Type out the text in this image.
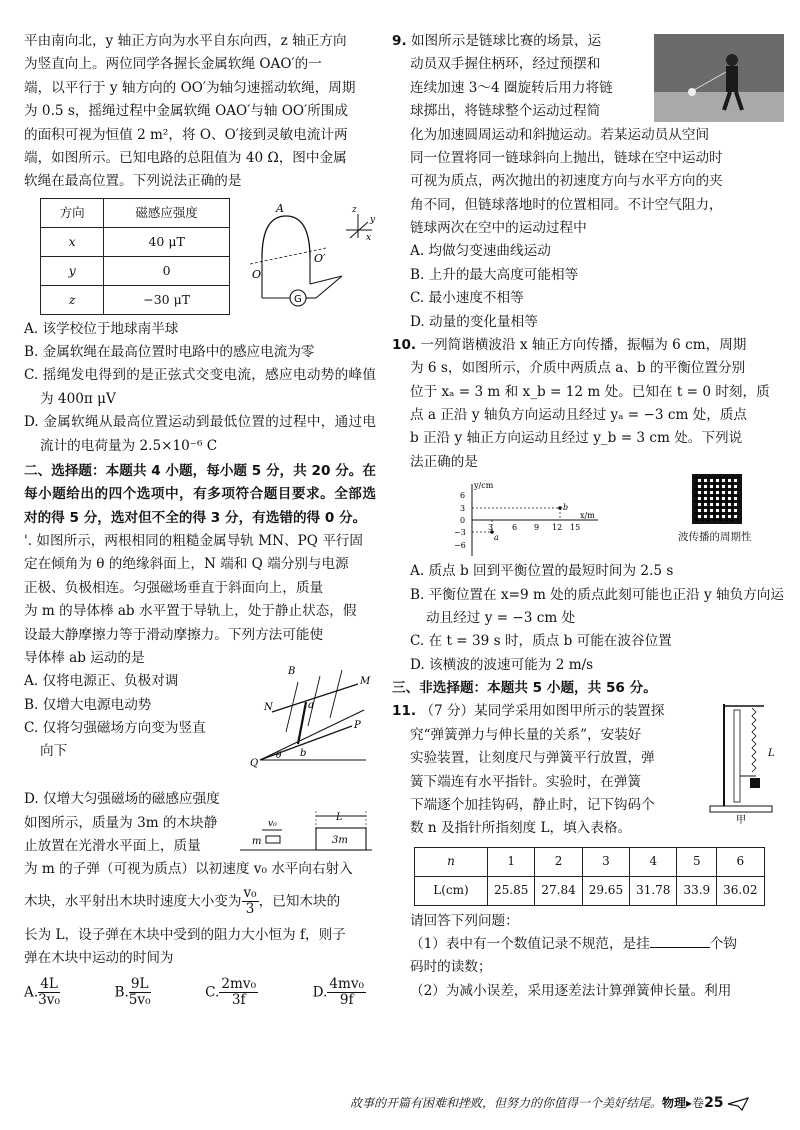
平由南向北，y 轴正方向为水平自东向西，z 轴正方向

为竖直向上。两位同学各握长金属软绳 OAO′的一

端，以平行于 y 轴方向的 OO′为轴匀速摇动软绳，周期

为 0.5 s，摇绳过程中金属软绳 OAO′与轴 OO′所围成

的面积可视为恒值 2 m²，将 O、O′接到灵敏电流计两

端，如图所示。已知电路的总阻值为 40 Ω，图中金属

软绳在最高位置。下列说法正确的是

方向	磁感应强度
x	40 μT
y	0
z	−30 μT	G
A
O
O′
z
y
x

A. 该学校位于地球南半球

B. 金属软绳在最高位置时电路中的感应电流为零

C. 摇绳发电得到的是正弦式交变电流，感应电动势的峰值为 400π μV

D. 金属软绳从最高位置运动到最低位置的过程中，通过电流计的电荷量为 2.5×10⁻⁶ C

二、选择题：本题共 4 小题，每小题 5 分，共 20 分。在每小题给出的四个选项中，有多项符合题目要求。全部选对的得 5 分，选对但不全的得 3 分，有选错的得 0 分。

'. 如图所示，两根相同的粗糙金属导轨 MN、PQ 平行固

定在倾角为 θ 的绝缘斜面上，N 端和 Q 端分别与电源

正极、负极相连。匀强磁场垂直于斜面向上，质量

为 m 的导体棒 ab 水平置于导轨上，处于静止状态，假

设最大静摩擦力等于滑动摩擦力。下列方法可能使

导体棒 ab 运动的是

A. 仅将电源正、负极对调

B. 仅增大电源电动势

C. 仅将匀强磁场方向变为竖直

向下

B
N
M
a
b
P
Q
θ

D. 仅增大匀强磁场的磁感应强度

L
3m
v₀
m

如图所示，质量为 3m 的木块静

止放置在光滑水平面上，质量

为 m 的子弹（可视为质点）以初速度 v₀ 水平向右射入

木块，水平射出木块时速度大小变为 $\frac{\text{v₀}}{3}$ ，已知木块的

长为 L，设子弹在木块中受到的阻力大小恒为 f，则子

弹在木块中运动的时间为

A. $\frac{4L}{\text{3v₀}}$	B. $\frac{9L}{\text{5v₀}}$	C. $\frac{\text{2mv₀}}{3f}$	D. $\frac{\text{4mv₀}}{9f}$

9. 如图所示是链球比赛的场景，运

动员双手握住柄环，经过预摆和

连续加速 3～4 圈旋转后用力将链

球掷出，将链球整个运动过程简

化为加速圆周运动和斜抛运动。若某运动员从空间

同一位置将同一链球斜向上抛出，链球在空中运动时

可视为质点，两次抛出的初速度方向与水平方向的夹

角不同，但链球落地时的位置相同。不计空气阻力，

链球两次在空中的运动过程中

A. 均做匀变速曲线运动

B. 上升的最大高度可能相等

C. 最小速度不相等

D. 动量的变化量相等

10. 一列简谐横波沿 x 轴正方向传播，振幅为 6 cm，周期

为 6 s，如图所示，介质中两质点 a、b 的平衡位置分别

位于 xₐ = 3 m 和 x_b = 12 m 处。已知在 t = 0 时刻，质

点 a 正沿 y 轴负方向运动且经过 yₐ = −3 cm 处，质点

b 正沿 y 轴正方向运动且经过 y_b = 3 cm 处。下列说

法正确的是

y/cm
x/m
6
3
0
−3
−6
b
a
3 6 9 12 15
波传播的周期性

A. 质点 b 回到平衡位置的最短时间为 2.5 s

B. 平衡位置在 x=9 m 处的质点此刻可能也正沿 y 轴负方向运动且经过 y = −3 cm 处

C. 在 t = 39 s 时，质点 b 可能在波谷位置

D. 该横波的波速可能为 2 m/s

三、非选择题：本题共 5 小题，共 56 分。

L
甲

11. （7 分）某同学采用如图甲所示的装置探

究“弹簧弹力与伸长量的关系”，安装好

实验装置，让刻度尺与弹簧平行放置，弹

簧下端连有水平指针。实验时，在弹簧

下端逐个加挂钩码，静止时，记下钩码个

数 n 及指针所指刻度 L，填入表格。

n	1	2	3	4	5	6
L(cm)	25.85	27.84	29.65	31.78	33.9	36.02

请回答下列问题：

（1）表中有一个数值记录不规范，是挂	个钩

码时的读数；

（2）为减小误差，采用逐差法计算弹簧伸长量。利用

故事的开篇有困难和挫败，但努力的你值得一个美好结尾。物理▸卷25
